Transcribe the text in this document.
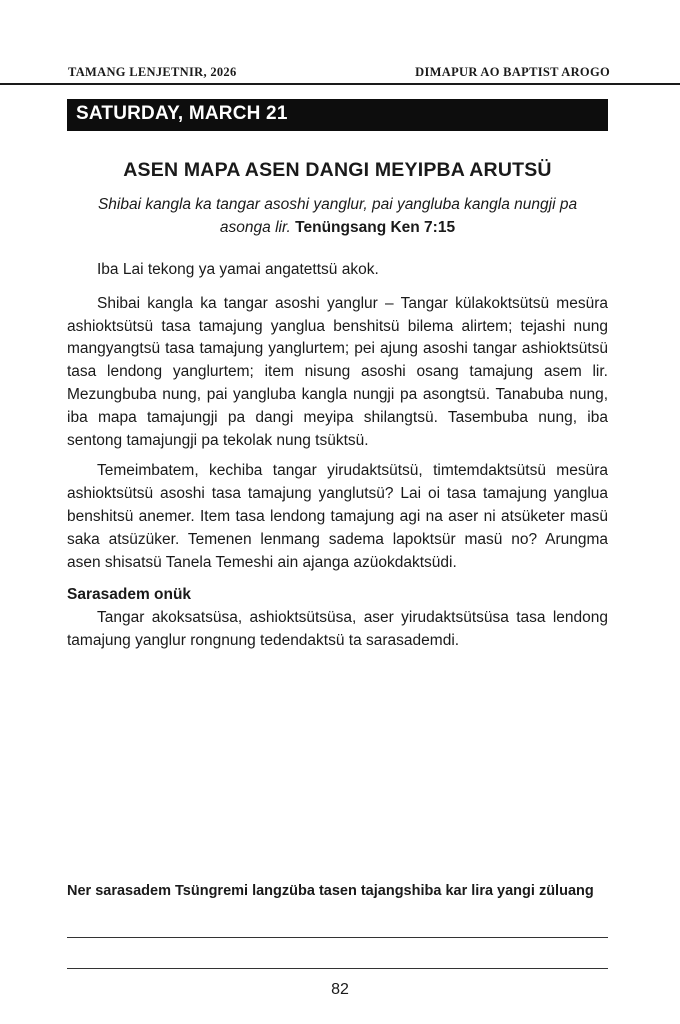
TAMANG LENJETNIR, 2026	DIMAPUR AO BAPTIST AROGO
SATURDAY, MARCH 21
ASEN MAPA ASEN DANGI MEYIPBA ARUTSÜ
Shibai kangla ka tangar asoshi yanglur, pai yangluba kangla nungji pa asonga lir. Tenüngsang Ken 7:15

Iba Lai tekong ya yamai angatettsü akok.

Shibai kangla ka tangar asoshi yanglur – Tangar külakoktsütsü mesüra ashioktsütsü tasa tamajung yanglua benshitsü bilema alirtem; tejashi nung mangyangtsü tasa tamajung yanglurtem; pei ajung asoshi tangar ashioktsütsü tasa lendong yanglurtem; item nisung asoshi osang tamajung asem lir. Mezungbuba nung, pai yangluba kangla nungji pa asongtsü. Tanabuba nung, iba mapa tamajungji pa dangi meyipa shilangtsü. Tasembuba nung, iba sentong tamajungji pa tekolak nung tsüktsü.

Temeimbatem, kechiba tangar yirudaktsütsü, timtemdaktsütsü mesüra ashioktsütsü asoshi tasa tamajung yanglutsü? Lai oi tasa tamajung yanglua benshitsü anemer. Item tasa lendong tamajung agi na aser ni atsüketer masü saka atsüzüker. Temenen lenmang sadema lapoktsür masü no? Arungma asen shisatsü Tanela Temeshi ain ajanga azüokdaktsüdi.

Sarasadem onük

Tangar akoksatsüsa, ashioktsütsüsa, aser yirudaktsütsüsa tasa lendong tamajung yanglur rongnung tedendaktsü ta sarasademdi.

Ner sarasadem Tsüngremi langzüba tasen tajangshiba kar lira yangi züluang
82
